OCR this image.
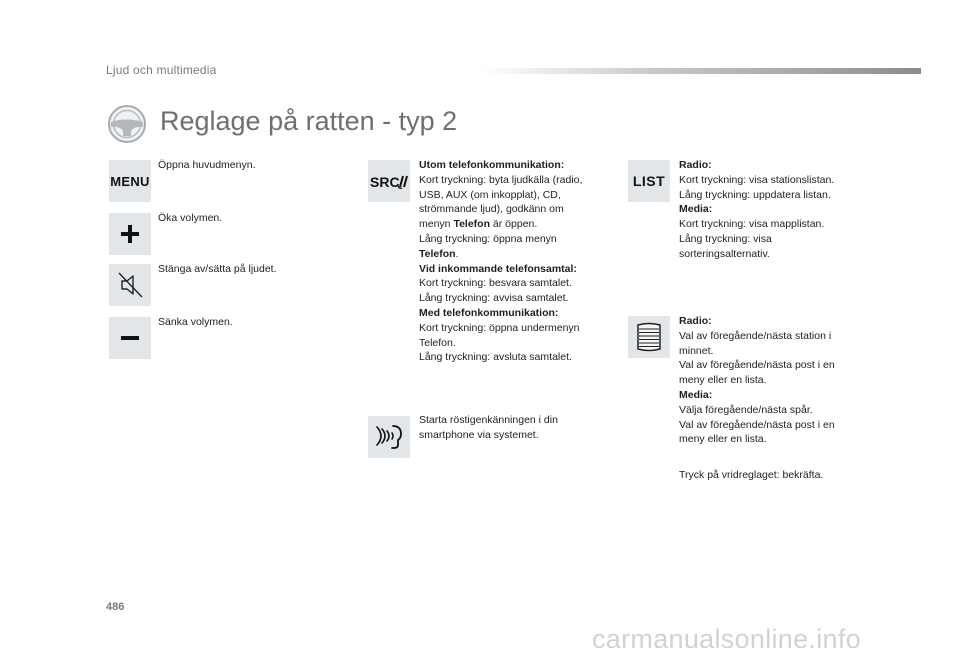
Ljud och multimedia
Reglage på ratten - typ 2
MENU
Öppna huvudmenyn.
Öka volymen.
Stänga av/sätta på ljudet.
Sänka volymen.
SRC
Utom telefonkommunikation:
Kort tryckning: byta ljudkälla (radio,
USB, AUX (om inkopplat), CD,
strömmande ljud), godkänn om
menyn Telefon är öppen.
Lång tryckning: öppna menyn
Telefon.
Vid inkommande telefonsamtal:
Kort tryckning: besvara samtalet.
Lång tryckning: avvisa samtalet.
Med telefonkommunikation:
Kort tryckning: öppna undermenyn
Telefon.
Lång tryckning: avsluta samtalet.
Starta röstigenkänningen i din
smartphone via systemet.
LIST
Radio:
Kort tryckning: visa stationslistan.
Lång tryckning: uppdatera listan.
Media:
Kort tryckning: visa mapplistan.
Lång tryckning: visa
sorteringsalternativ.
Radio:
Val av föregående/nästa station i
minnet.
Val av föregående/nästa post i en
meny eller en lista.
Media:
Välja föregående/nästa spår.
Val av föregående/nästa post i en
meny eller en lista.
Tryck på vridreglaget: bekräfta.
486
carmanualsonline.info
